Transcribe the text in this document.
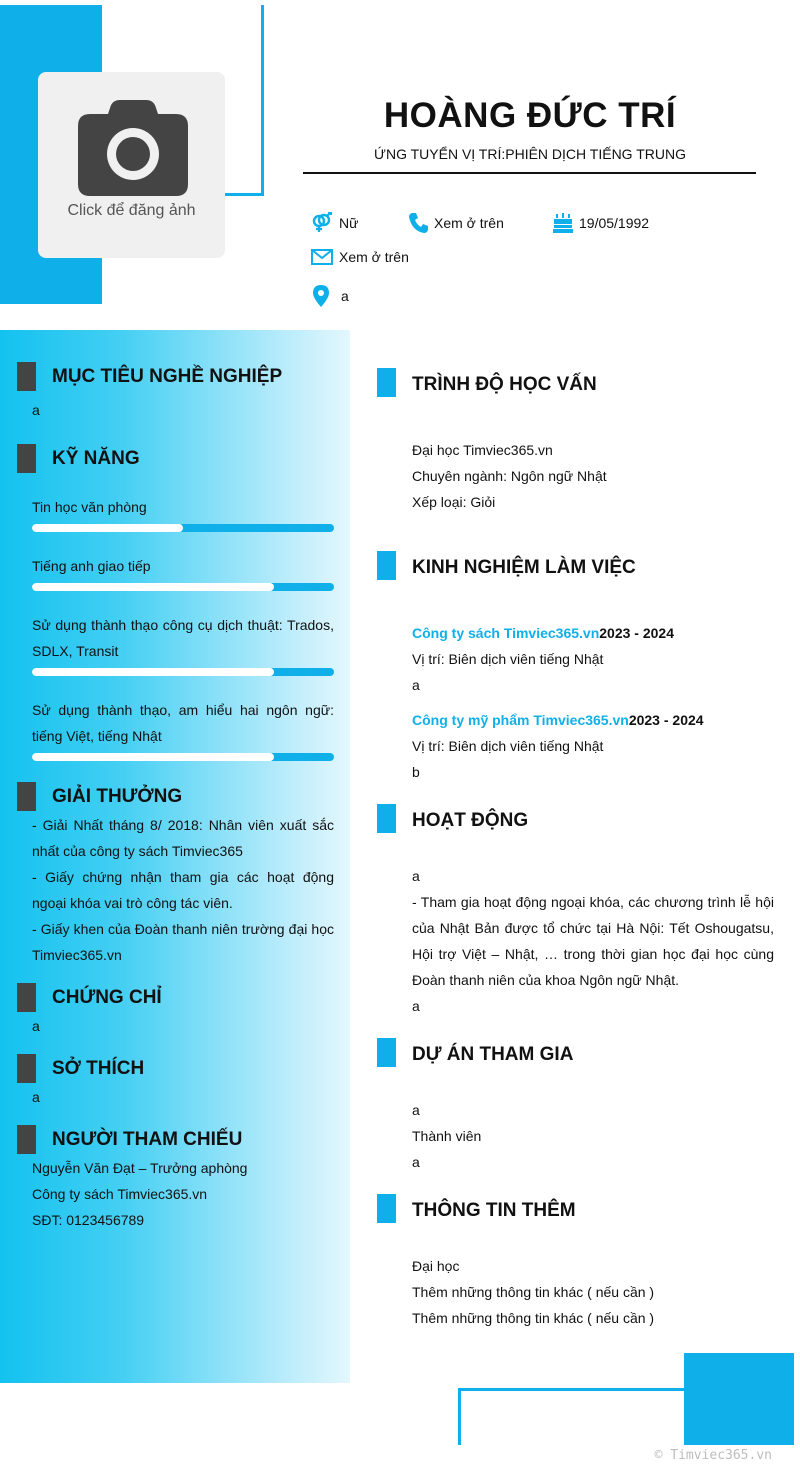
Click để đăng ảnh
HOÀNG ĐỨC TRÍ
ỨNG TUYỂN VỊ TRÍ:PHIÊN DỊCH TIẾNG TRUNG
Nữ	Xem ở trên	19/05/1992
Xem ở trên
a
MỤC TIÊU NGHỀ NGHIỆP
a
KỸ NĂNG
Tin học văn phòng
Tiếng anh giao tiếp
Sử dụng thành thạo công cụ dịch thuật: Trados, SDLX, Transit
Sử dụng thành thạo, am hiểu hai ngôn ngữ: tiếng Việt, tiếng Nhật
GIẢI THƯỞNG
- Giải Nhất tháng 8/ 2018: Nhân viên xuất sắc nhất của công ty sách Timviec365
- Giấy chứng nhận tham gia các hoạt động ngoại khóa vai trò công tác viên.
- Giấy khen của Đoàn thanh niên trường đại học Timviec365.vn
CHỨNG CHỈ
a
SỞ THÍCH
a
NGƯỜI THAM CHIẾU
Nguyễn Văn Đạt – Trưởng aphòng
Công ty sách Timviec365.vn
SĐT: 0123456789
TRÌNH ĐỘ HỌC VẤN
Đại học Timviec365.vn
Chuyên ngành: Ngôn ngữ Nhật
Xếp loại: Giỏi
KINH NGHIỆM LÀM VIỆC
Công ty sách Timviec365.vn2023 - 2024
Vị trí: Biên dịch viên tiếng Nhật
a
Công ty mỹ phẩm Timviec365.vn2023 - 2024
Vị trí: Biên dịch viên tiếng Nhật
b
HOẠT ĐỘNG
a
- Tham gia hoạt động ngoại khóa, các chương trình lễ hội của Nhật Bản được tổ chức tại Hà Nội: Tết Oshougatsu, Hội trợ Việt – Nhật, … trong thời gian học đại học cùng Đoàn thanh niên của khoa Ngôn ngữ Nhật.
a
DỰ ÁN THAM GIA
a
Thành viên
a
THÔNG TIN THÊM
Đại học
Thêm những thông tin khác ( nếu cần )
Thêm những thông tin khác ( nếu cần )
© Timviec365.vn
